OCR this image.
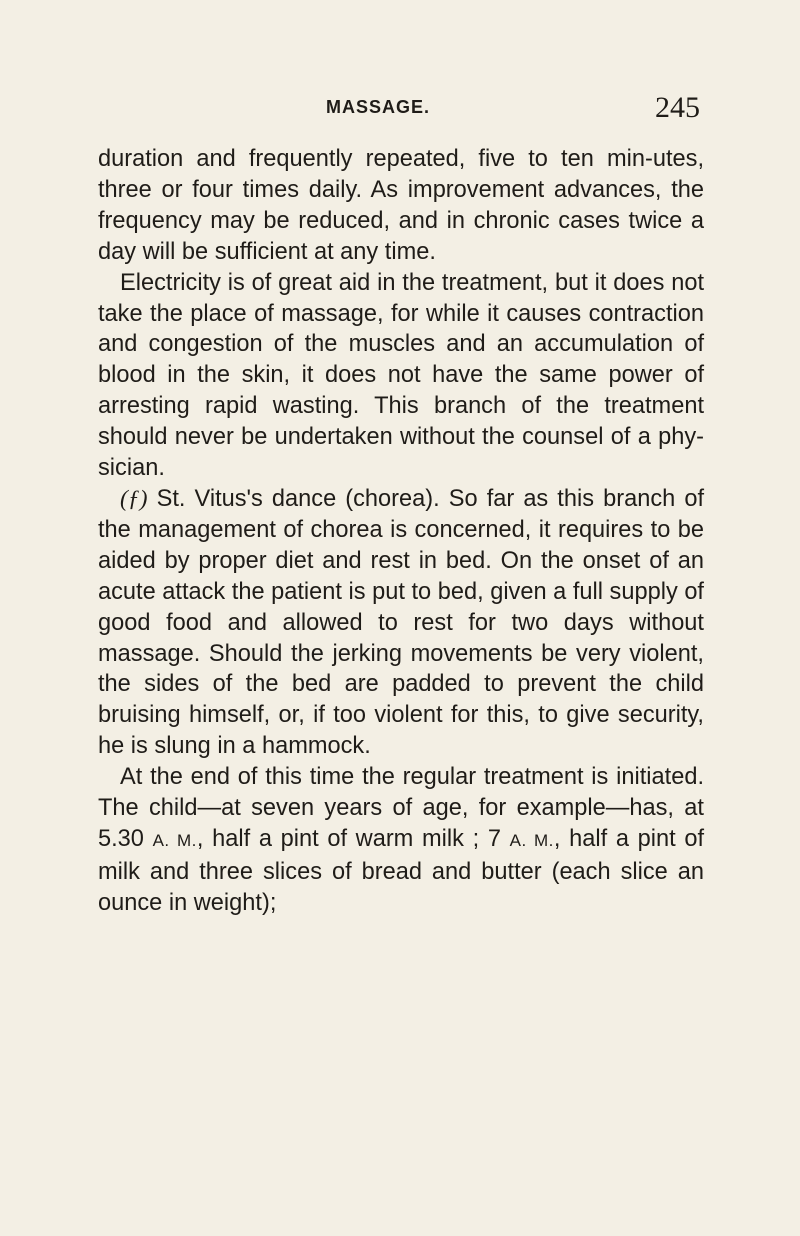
MASSAGE.	245

duration and frequently repeated, five to ten min-utes, three or four times daily. As improvement advances, the frequency may be reduced, and in chronic cases twice a day will be sufficient at any time.

Electricity is of great aid in the treatment, but it does not take the place of massage, for while it causes contraction and congestion of the muscles and an accumulation of blood in the skin, it does not have the same power of arresting rapid wasting. This branch of the treatment should never be undertaken without the counsel of a phy-sician.

(ƒ) St. Vitus's dance (chorea). So far as this branch of the management of chorea is concerned, it requires to be aided by proper diet and rest in bed. On the onset of an acute attack the patient is put to bed, given a full supply of good food and allowed to rest for two days without massage. Should the jerking movements be very violent, the sides of the bed are padded to prevent the child bruising himself, or, if too violent for this, to give security, he is slung in a hammock.

At the end of this time the regular treatment is initiated. The child—at seven years of age, for example—has, at 5.30 A. M., half a pint of warm milk ; 7 A. M., half a pint of milk and three slices of bread and butter (each slice an ounce in weight);
